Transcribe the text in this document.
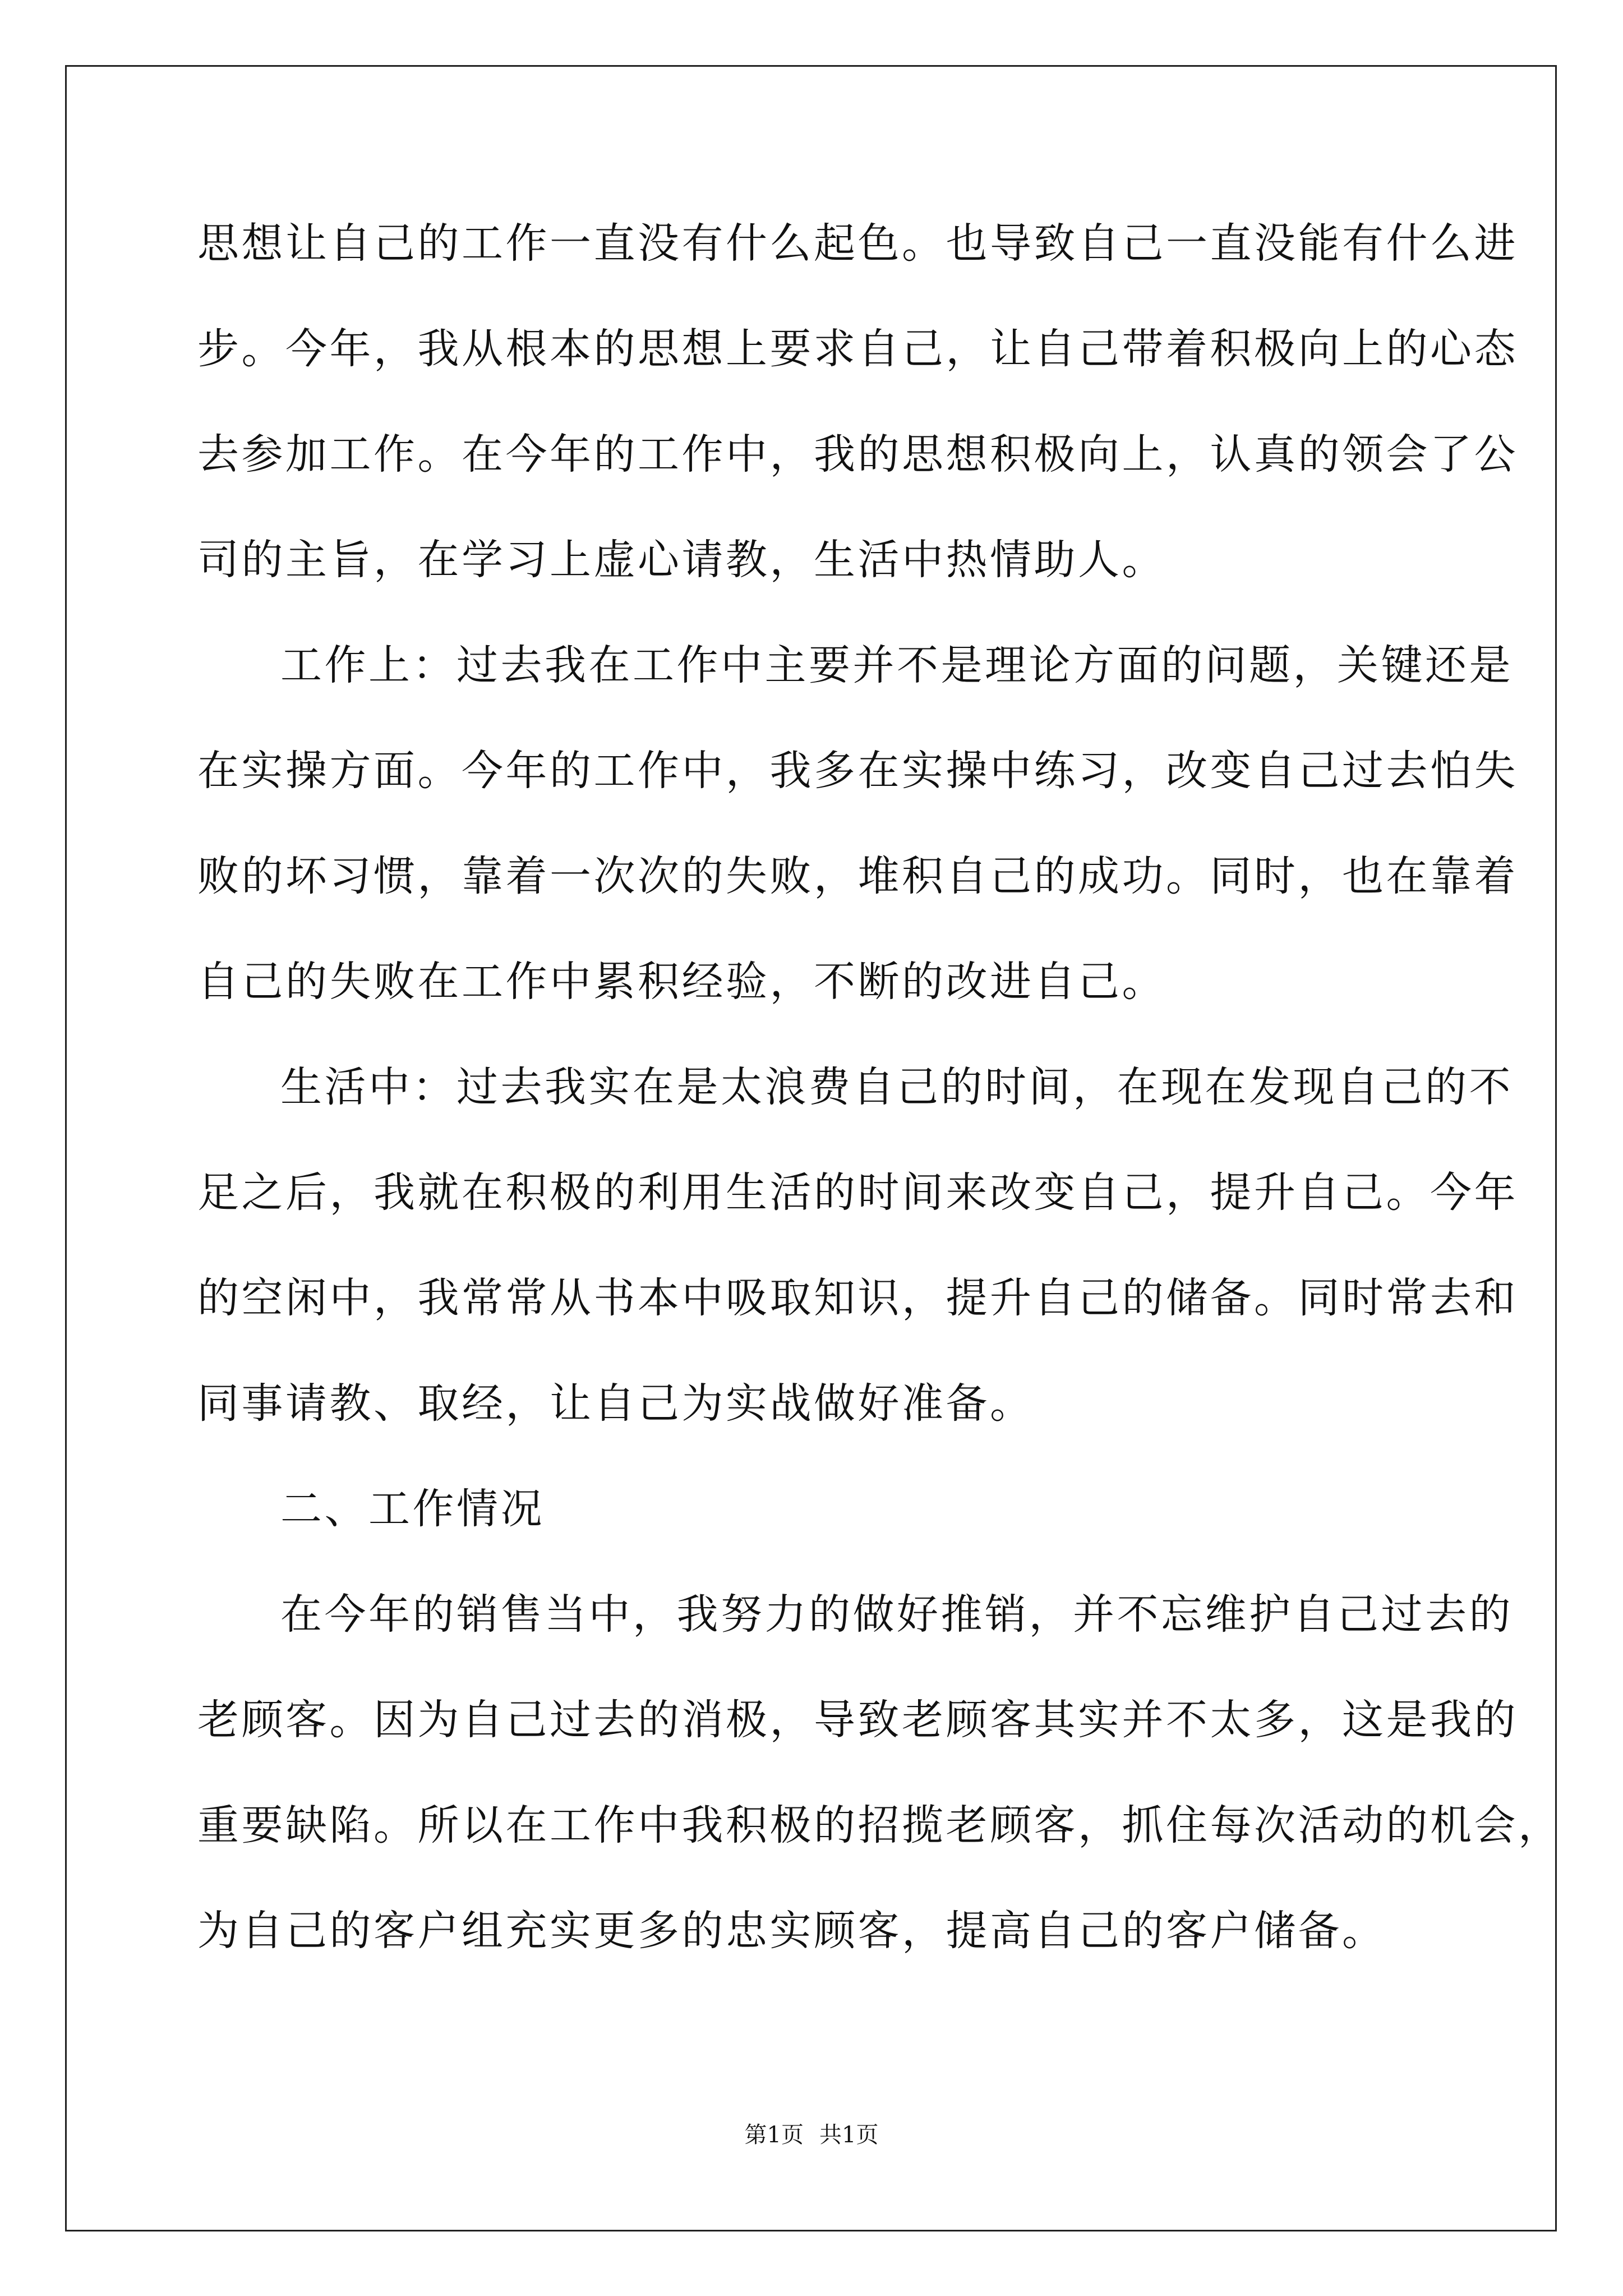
思想让自己的工作一直没有什么起色。也导致自己一直没能有什么进
步。今年，我从根本的思想上要求自己，让自己带着积极向上的心态
去参加工作。在今年的工作中，我的思想积极向上，认真的领会了公
司的主旨，在学习上虚心请教，生活中热情助人。
工作上：过去我在工作中主要并不是理论方面的问题，关键还是
在实操方面。今年的工作中，我多在实操中练习，改变自己过去怕失
败的坏习惯，靠着一次次的失败，堆积自己的成功。同时，也在靠着
自己的失败在工作中累积经验，不断的改进自己。
生活中：过去我实在是太浪费自己的时间，在现在发现自己的不
足之后，我就在积极的利用生活的时间来改变自己，提升自己。今年
的空闲中，我常常从书本中吸取知识，提升自己的储备。同时常去和
同事请教、取经，让自己为实战做好准备。
二、工作情况
在今年的销售当中，我努力的做好推销，并不忘维护自己过去的
老顾客。因为自己过去的消极，导致老顾客其实并不太多，这是我的
重要缺陷。所以在工作中我积极的招揽老顾客，抓住每次活动的机会，
为自己的客户组充实更多的忠实顾客，提高自己的客户储备。
第1页 共1页
